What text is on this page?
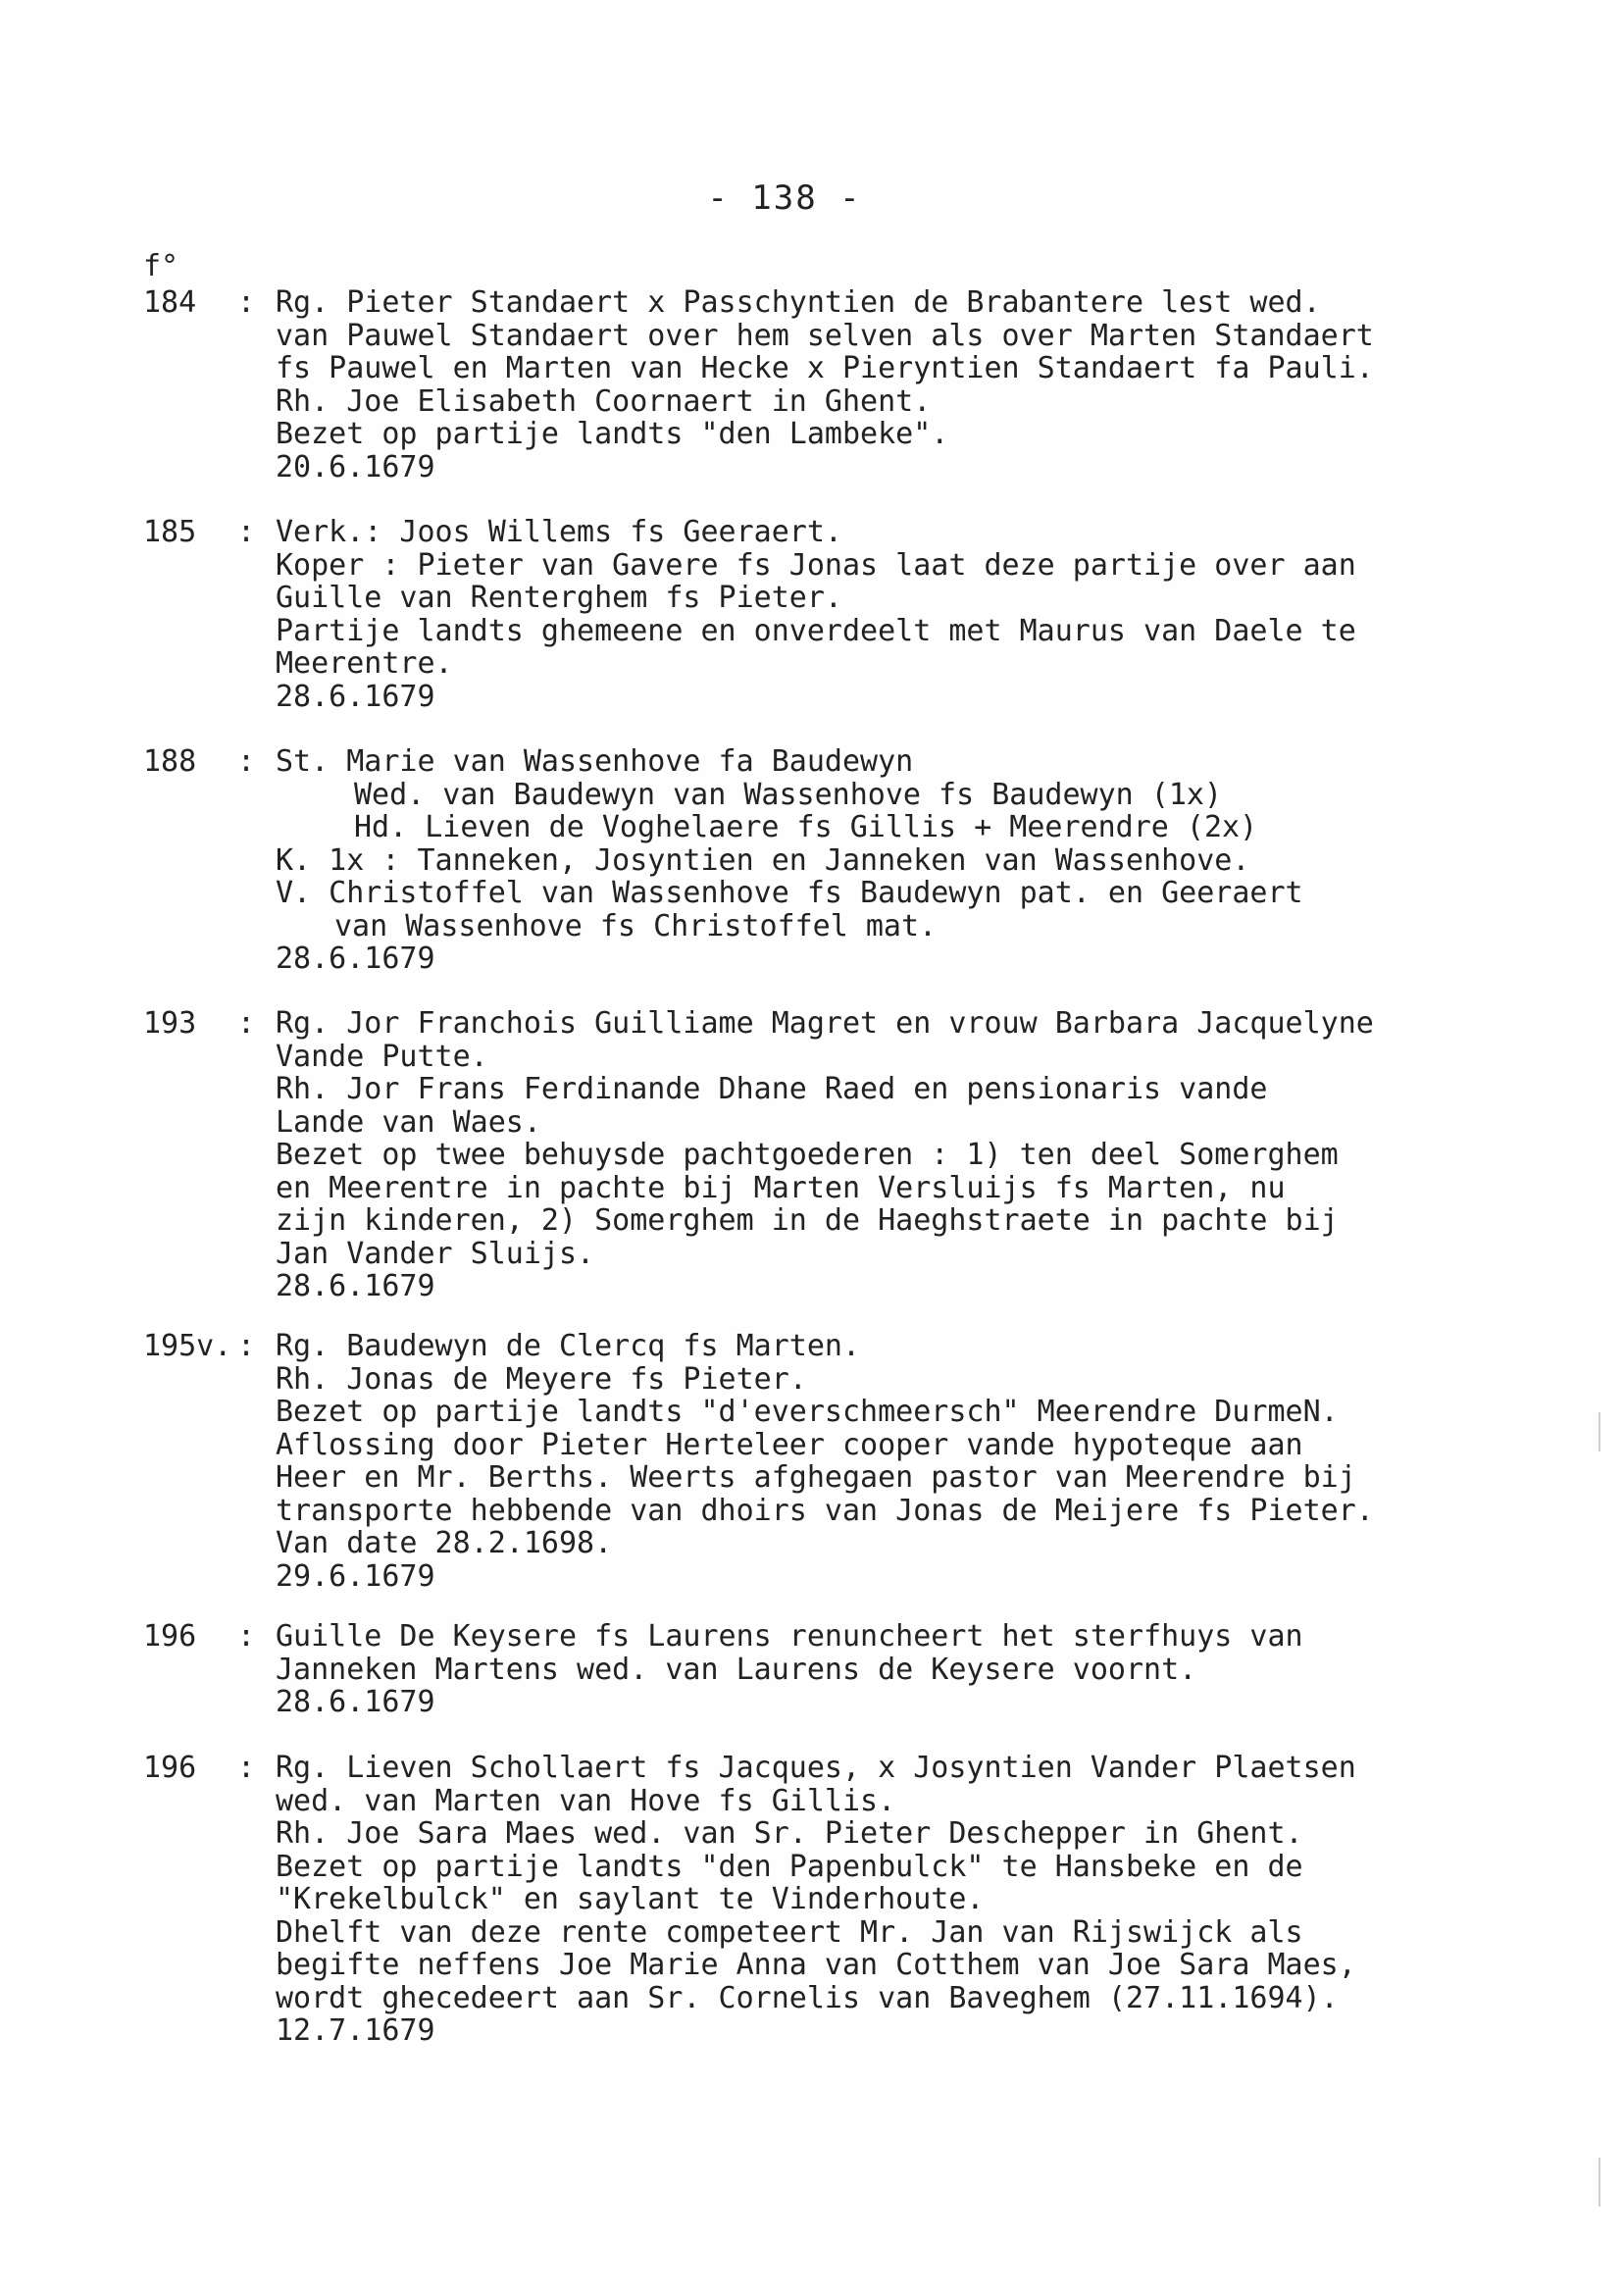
- 138 -
f°
184	: Rg. Pieter Standaert x Passchyntien de Brabantere lest wed.
van Pauwel Standaert over hem selven als over Marten Standaert
fs Pauwel en Marten van Hecke x Pieryntien Standaert fa Pauli.
Rh. Joe Elisabeth Coornaert in Ghent.
Bezet op partije landts "den Lambeke".
20.6.1679
185	: Verk.: Joos Willems fs Geeraert.
Koper : Pieter van Gavere fs Jonas laat deze partije over aan
Guille van Renterghem fs Pieter.
Partije landts ghemeene en onverdeelt met Maurus van Daele te
Meerentre.
28.6.1679
188	: St. Marie van Wassenhove fa Baudewyn
Wed. van Baudewyn van Wassenhove fs Baudewyn (1x)
Hd. Lieven de Voghelaere fs Gillis + Meerendre (2x)
K. 1x : Tanneken, Josyntien en Janneken van Wassenhove.
V. Christoffel van Wassenhove fs Baudewyn pat. en Geeraert
van Wassenhove fs Christoffel mat.
28.6.1679
193	: Rg. Jor Franchois Guilliame Magret en vrouw Barbara Jacquelyne
Vande Putte.
Rh. Jor Frans Ferdinande Dhane Raed en pensionaris vande
Lande van Waes.
Bezet op twee behuysde pachtgoederen : 1) ten deel Somerghem
en Meerentre in pachte bij Marten Versluijs fs Marten, nu
zijn kinderen, 2) Somerghem in de Haeghstraete in pachte bij
Jan Vander Sluijs.
28.6.1679
195v. : Rg. Baudewyn de Clercq fs Marten.
Rh. Jonas de Meyere fs Pieter.
Bezet op partije landts "d'everschmeersch" Meerendre DurmeN.
Aflossing door Pieter Herteleer cooper vande hypoteque aan
Heer en Mr. Berths. Weerts afghegaen pastor van Meerendre bij
transporte hebbende van dhoirs van Jonas de Meijere fs Pieter.
Van date 28.2.1698.
29.6.1679
196	: Guille De Keysere fs Laurens renuncheert het sterfhuys van
Janneken Martens wed. van Laurens de Keysere voornt.
28.6.1679
196	: Rg. Lieven Schollaert fs Jacques, x Josyntien Vander Plaetsen
wed. van Marten van Hove fs Gillis.
Rh. Joe Sara Maes wed. van Sr. Pieter Deschepper in Ghent.
Bezet op partije landts "den Papenbulck" te Hansbeke en de
"Krekelbulck" en saylant te Vinderhoute.
Dhelft van deze rente competeert Mr. Jan van Rijswijck als
begifte neffens Joe Marie Anna van Cotthem van Joe Sara Maes,
wordt ghecedeert aan Sr. Cornelis van Baveghem (27.11.1694).
12.7.1679
